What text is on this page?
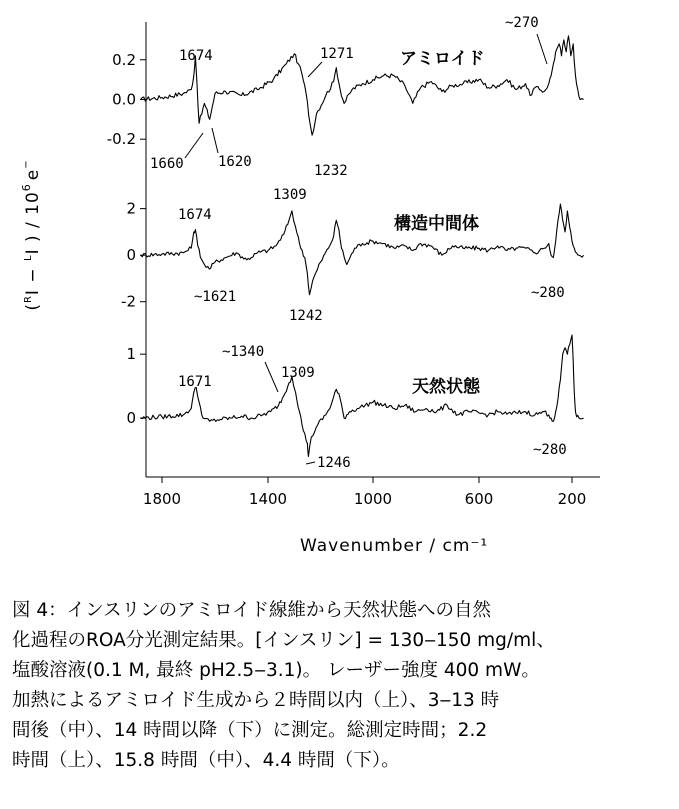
($^R$I − $^L$I ) / $10^6e^-$
1800	1400	1000	600	200
0.2
0.0
-0.2
2
0
-2
1
0
アミロイド
構造中間体
天然状態
1674	1271
~270
1660 1620
1232
1309
1674
~1621
1242
~280
~1340
1309
1671
1246
~280
Wavenumber / cm⁻¹
図 4：インスリンのアミロイド線維から天然状態への自然
化過程のROA分光測定結果。[インスリン] = 130‒150 mg/ml、
塩酸溶液(0.1 M, 最終 pH2.5‒3.1)。 レーザー強度 400 mW。
加熱によるアミロイド生成から２時間以内（上）、3‒13 時
間後（中）、14 時間以降（下）に測定。総測定時間；2.2
時間（上）、15.8 時間（中）、4.4 時間（下）。
